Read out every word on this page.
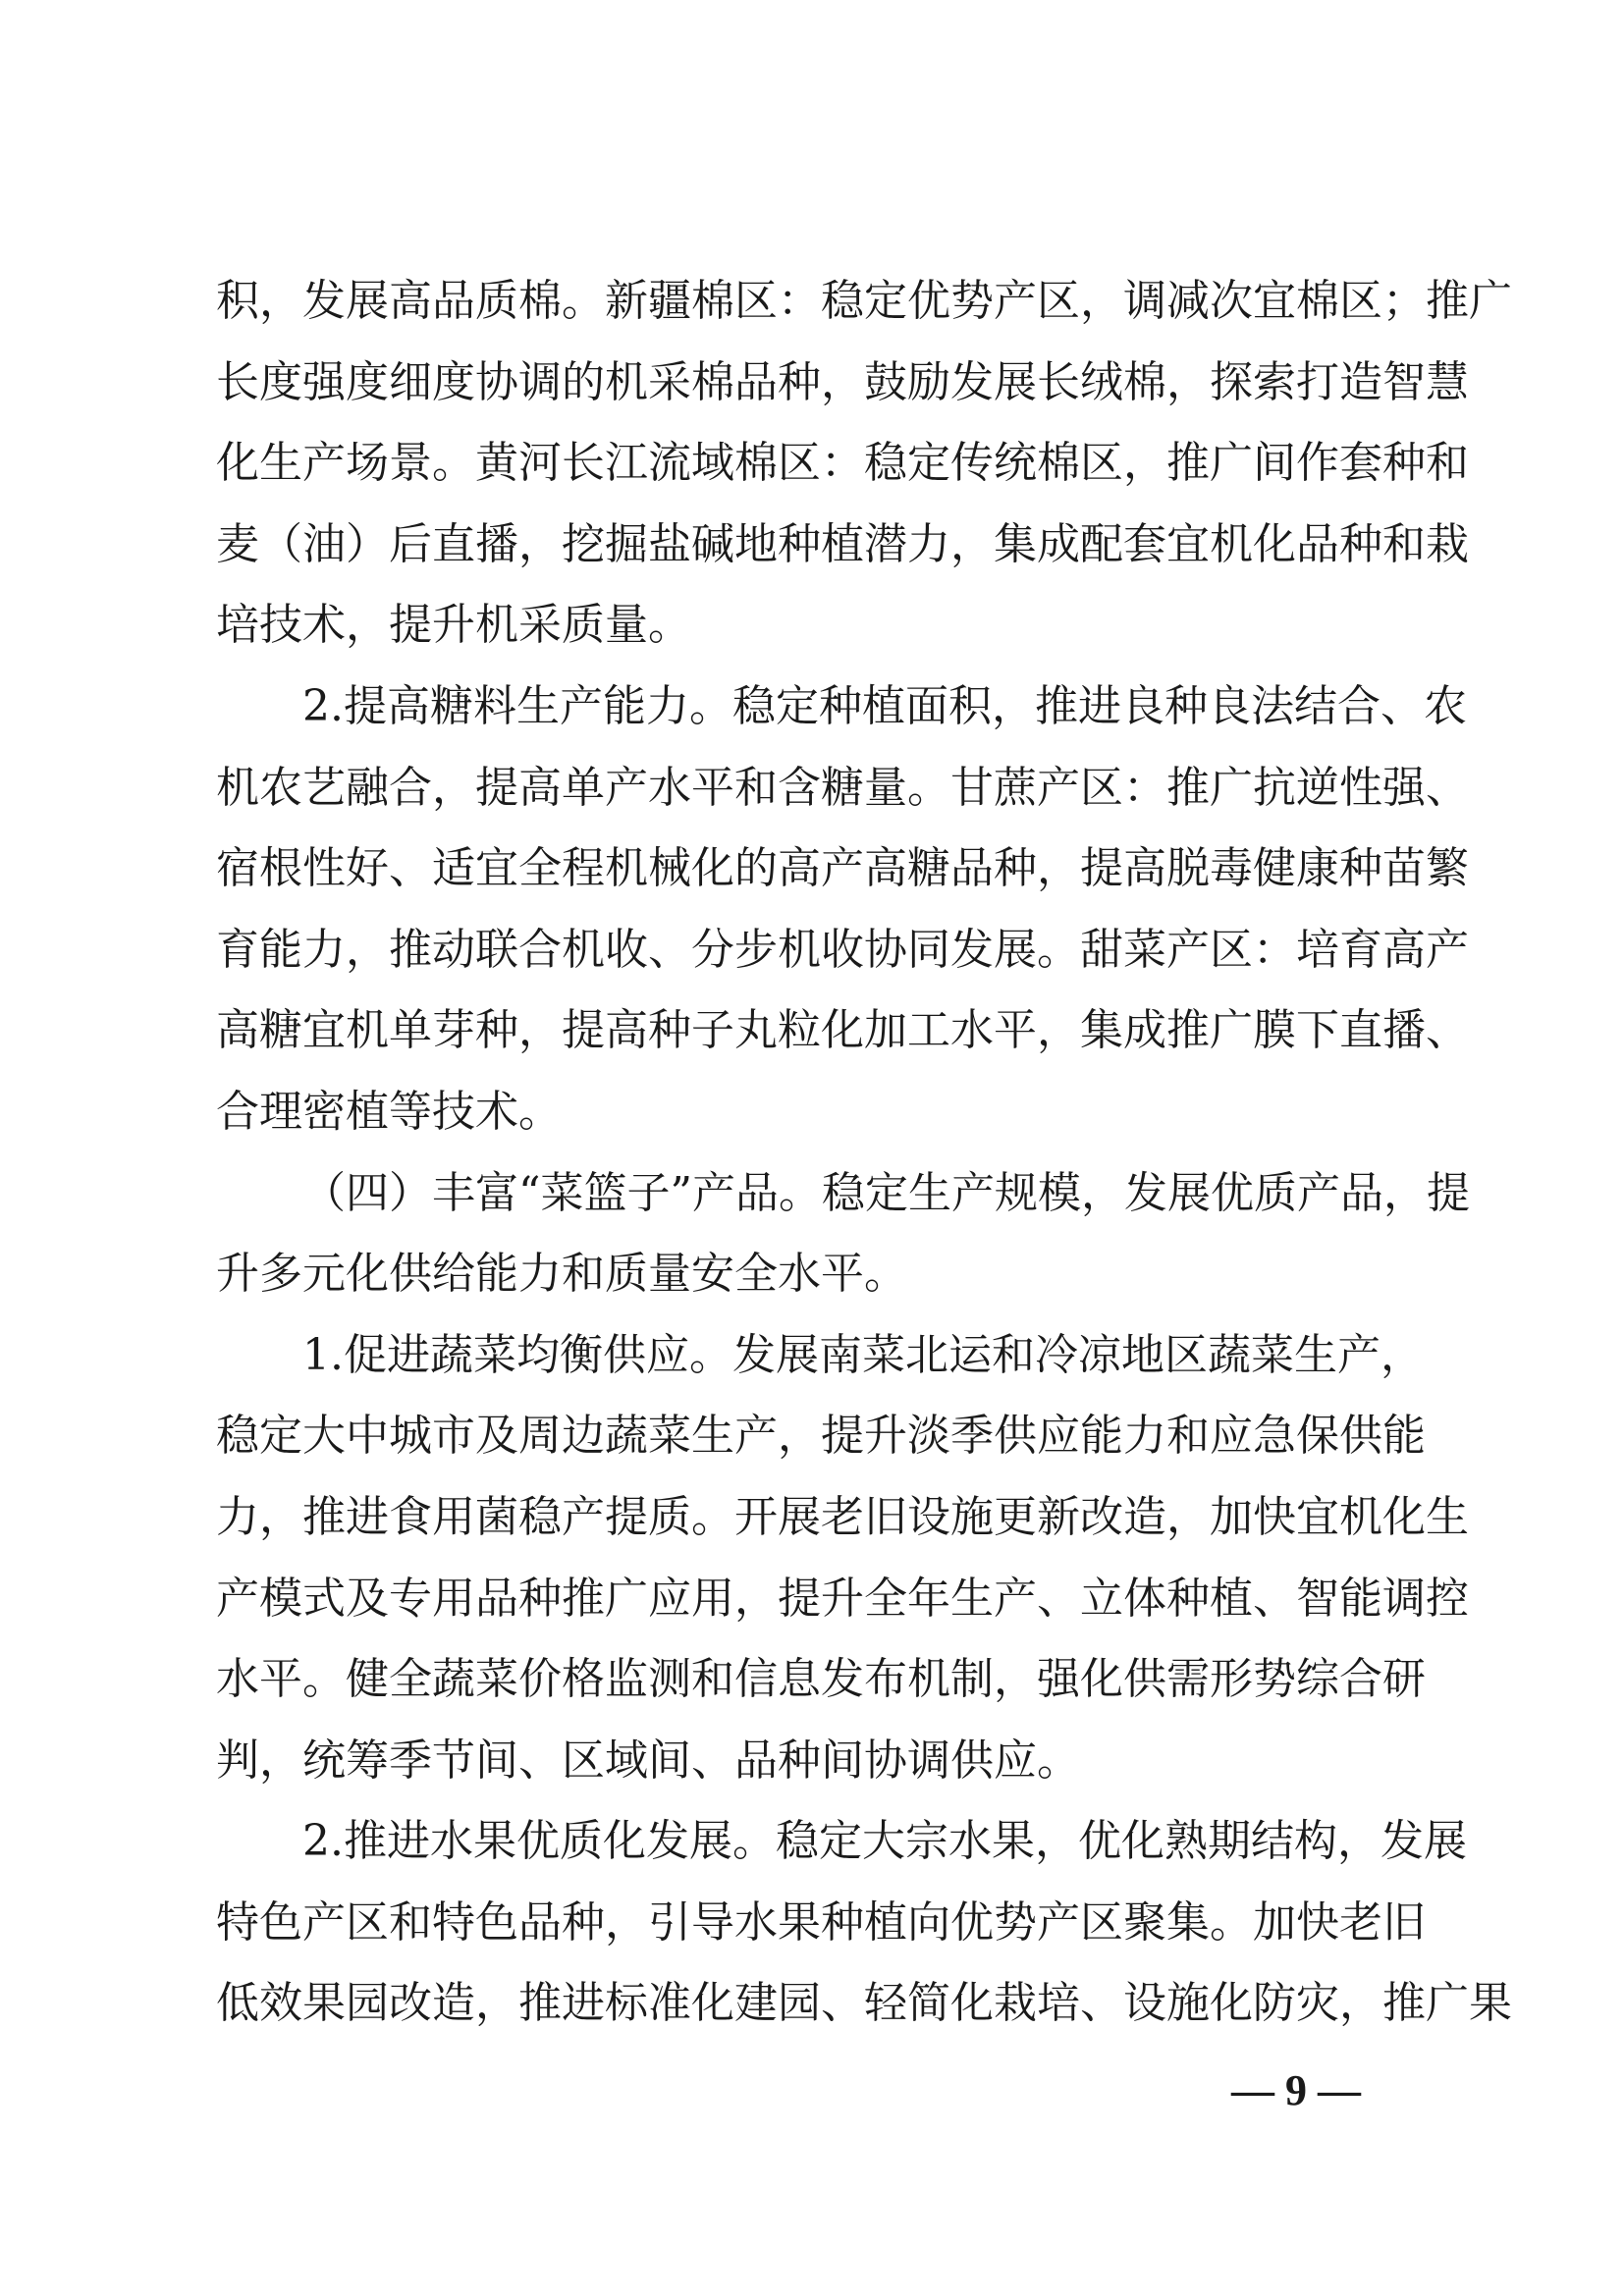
积，发展高品质棉。新疆棉区：稳定优势产区，调减次宜棉区；推广
长度强度细度协调的机采棉品种，鼓励发展长绒棉，探索打造智慧
化生产场景。黄河长江流域棉区：稳定传统棉区，推广间作套种和
麦（油）后直播，挖掘盐碱地种植潜力，集成配套宜机化品种和栽
培技术，提升机采质量。
2.提高糖料生产能力。稳定种植面积，推进良种良法结合、农
机农艺融合，提高单产水平和含糖量。甘蔗产区：推广抗逆性强、
宿根性好、适宜全程机械化的高产高糖品种，提高脱毒健康种苗繁
育能力，推动联合机收、分步机收协同发展。甜菜产区：培育高产
高糖宜机单芽种，提高种子丸粒化加工水平，集成推广膜下直播、
合理密植等技术。
（四）丰富“菜篮子”产品。稳定生产规模，发展优质产品，提
升多元化供给能力和质量安全水平。
1.促进蔬菜均衡供应。发展南菜北运和冷凉地区蔬菜生产，
稳定大中城市及周边蔬菜生产，提升淡季供应能力和应急保供能
力，推进食用菌稳产提质。开展老旧设施更新改造，加快宜机化生
产模式及专用品种推广应用，提升全年生产、立体种植、智能调控
水平。健全蔬菜价格监测和信息发布机制，强化供需形势综合研
判，统筹季节间、区域间、品种间协调供应。
2.推进水果优质化发展。稳定大宗水果，优化熟期结构，发展
特色产区和特色品种，引导水果种植向优势产区聚集。加快老旧
低效果园改造，推进标准化建园、轻简化栽培、设施化防灾，推广果
— 9 —
